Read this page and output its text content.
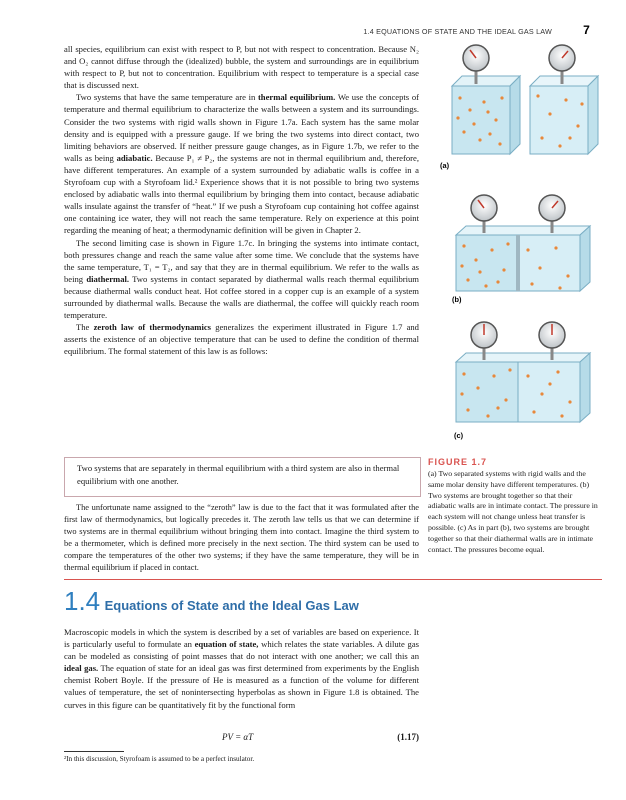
1.4 EQUATIONS OF STATE AND THE IDEAL GAS LAW	7

all species, equilibrium can exist with respect to P, but not with respect to concentration. Because N₂ and O₂ cannot diffuse through the (idealized) bubble, the system and surroundings are in equilibrium with respect to P, but not to concentration. Equilibrium with respect to temperature is a special case that is discussed next.

Two systems that have the same temperature are in thermal equilibrium. We use the concepts of temperature and thermal equilibrium to characterize the walls between a system and its surroundings. Consider the two systems with rigid walls shown in Figure 1.7a. Each system has the same molar density and is equipped with a pressure gauge. If we bring the two systems into direct contact, two limiting behaviors are observed. If neither pressure gauge changes, as in Figure 1.7b, we refer to the walls as being adiabatic. Because P₁ ≠ P₂, the systems are not in thermal equilibrium and, therefore, have different temperatures. An example of a system surrounded by adiabatic walls is coffee in a Styrofoam cup with a Styrofoam lid.² Experience shows that it is not possible to bring two systems enclosed by adiabatic walls into thermal equilibrium by bringing them into contact, because adiabatic walls insulate against the transfer of “heat.” If we push a Styrofoam cup containing hot coffee against one containing ice water, they will not reach the same temperature. Rely on experience at this point regarding the meaning of heat; a thermodynamic definition will be given in Chapter 2.

The second limiting case is shown in Figure 1.7c. In bringing the systems into intimate contact, both pressures change and reach the same value after some time. We conclude that the systems have the same temperature, T₁ = T₂, and say that they are in thermal equilibrium. We refer to the walls as being diathermal. Two systems in contact separated by diathermal walls reach thermal equilibrium because diathermal walls conduct heat. Hot coffee stored in a copper cup is an example of a system surrounded by diathermal walls. Because the walls are diathermal, the coffee will quickly reach room temperature.

The zeroth law of thermodynamics generalizes the experiment illustrated in Figure 1.7 and asserts the existence of an objective temperature that can be used to define the condition of thermal equilibrium. The formal statement of this law is as follows:

Two systems that are separately in thermal equilibrium with a third system are also in thermal equilibrium with one another.

The unfortunate name assigned to the “zeroth” law is due to the fact that it was formulated after the first law of thermodynamics, but logically precedes it. The zeroth law tells us that we can determine if two systems are in thermal equilibrium without bringing them into contact. Imagine the third system to be a thermometer, which is defined more precisely in the next section. The third system can be used to compare the temperatures of the other two systems; if they have the same temperature, they will be in thermal equilibrium if placed in contact.

(a)
(b)
(c)
FIGURE 1.7
(a) Two separated systems with rigid walls and the same molar density have different temperatures. (b) Two systems are brought together so that their adiabatic walls are in intimate contact. The pressure in each system will not change unless heat transfer is possible. (c) As in part (b), two systems are brought together so that their diathermal walls are in intimate contact. The pressures become equal.
1.4 Equations of State and the Ideal Gas Law
Macroscopic models in which the system is described by a set of variables are based on experience. It is particularly useful to formulate an equation of state, which relates the state variables. A dilute gas can be modeled as consisting of point masses that do not interact with one another; we call this an ideal gas. The equation of state for an ideal gas was first determined from experiments by the English chemist Robert Boyle. If the pressure of He is measured as a function of the volume for different values of temperature, the set of nonintersecting hyperbolas as shown in Figure 1.8 is obtained. The curves in this figure can be quantitatively fit by the functional form
PV = αT	(1.17)
²In this discussion, Styrofoam is assumed to be a perfect insulator.
